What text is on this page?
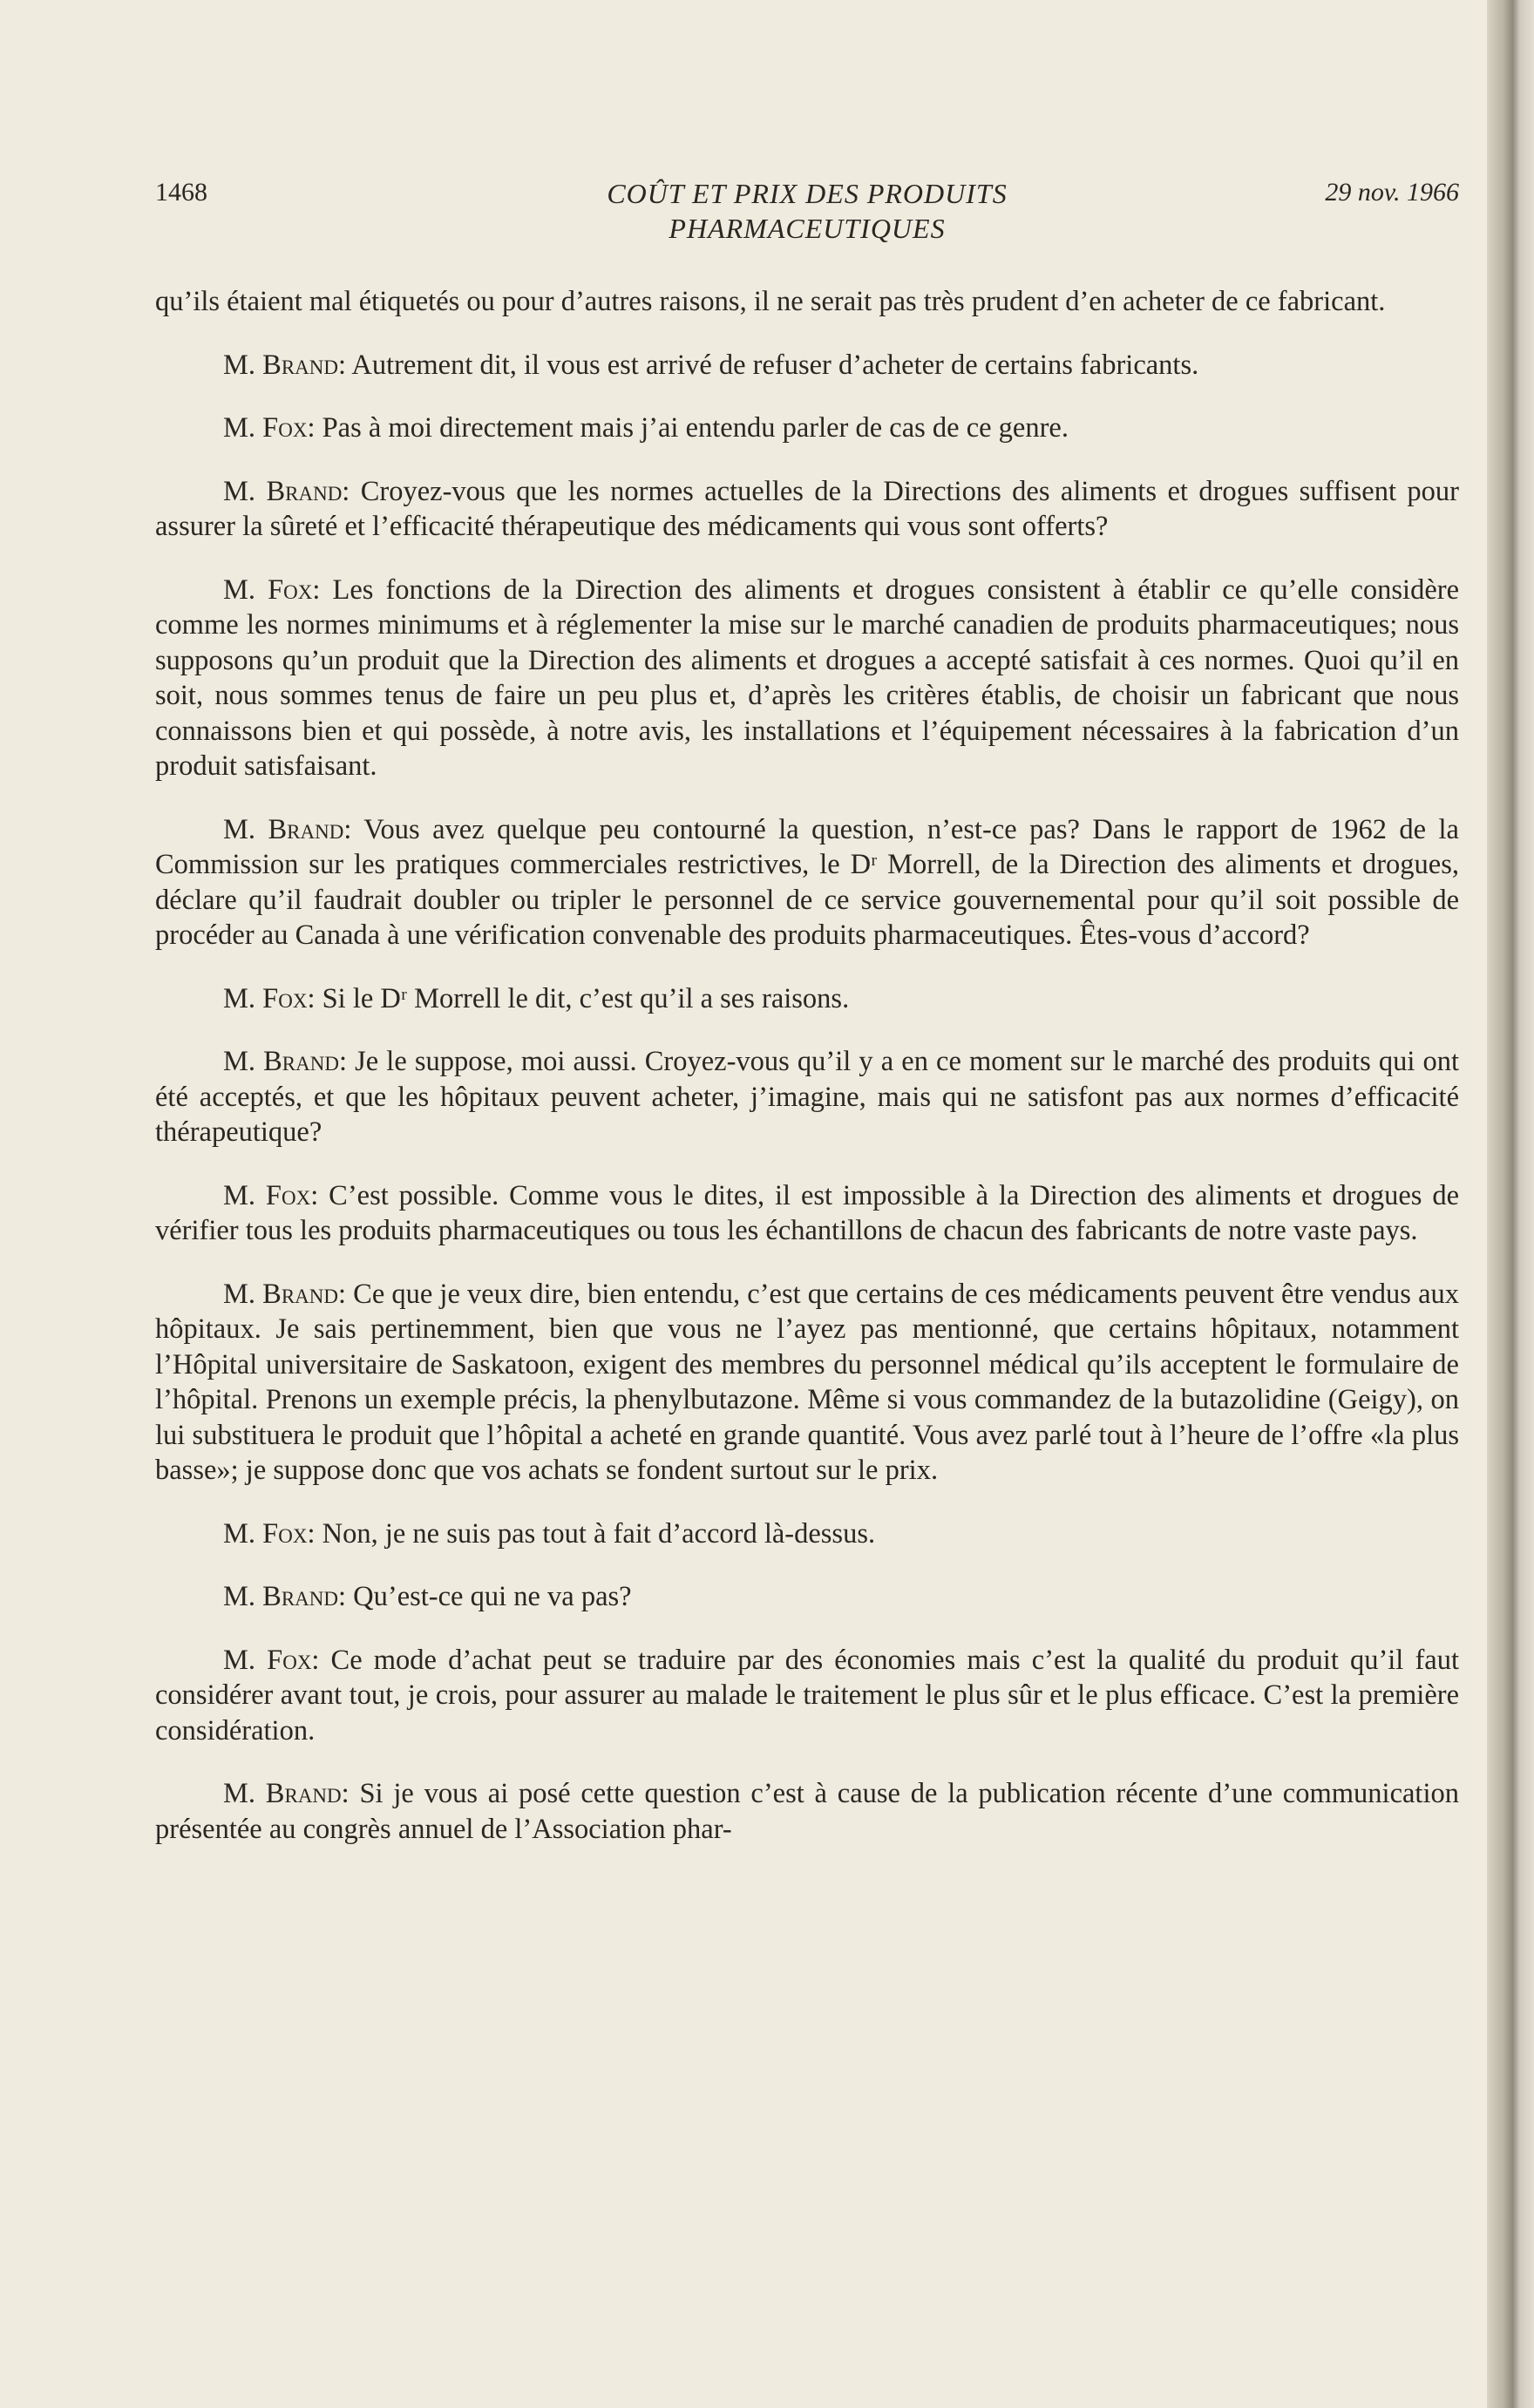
1468	COÛT ET PRIX DES PRODUITS
PHARMACEUTIQUES
29 nov. 1966

qu’ils étaient mal étiquetés ou pour d’autres raisons, il ne serait pas très prudent d’en acheter de ce fabricant.

M. Brand: Autrement dit, il vous est arrivé de refuser d’acheter de certains fabricants.

M. Fox: Pas à moi directement mais j’ai entendu parler de cas de ce genre.

M. Brand: Croyez-vous que les normes actuelles de la Directions des aliments et drogues suffisent pour assurer la sûreté et l’efficacité thérapeutique des médicaments qui vous sont offerts?

M. Fox: Les fonctions de la Direction des aliments et drogues consistent à établir ce qu’elle considère comme les normes minimums et à réglementer la mise sur le marché canadien de produits pharmaceutiques; nous supposons qu’un produit que la Direction des aliments et drogues a accepté satisfait à ces normes. Quoi qu’il en soit, nous sommes tenus de faire un peu plus et, d’après les critères établis, de choisir un fabricant que nous connaissons bien et qui possède, à notre avis, les installations et l’équipement nécessaires à la fabrication d’un produit satisfaisant.

M. Brand: Vous avez quelque peu contourné la question, n’est-ce pas? Dans le rapport de 1962 de la Commission sur les pratiques commerciales restrictives, le Dʳ Morrell, de la Direction des aliments et drogues, déclare qu’il faudrait doubler ou tripler le personnel de ce service gouvernemental pour qu’il soit possible de procéder au Canada à une vérification convenable des produits pharmaceutiques. Êtes-vous d’accord?

M. Fox: Si le Dʳ Morrell le dit, c’est qu’il a ses raisons.

M. Brand: Je le suppose, moi aussi. Croyez-vous qu’il y a en ce moment sur le marché des produits qui ont été acceptés, et que les hôpitaux peuvent acheter, j’imagine, mais qui ne satisfont pas aux normes d’efficacité thérapeutique?

M. Fox: C’est possible. Comme vous le dites, il est impossible à la Direction des aliments et drogues de vérifier tous les produits pharmaceutiques ou tous les échantillons de chacun des fabricants de notre vaste pays.

M. Brand: Ce que je veux dire, bien entendu, c’est que certains de ces médicaments peuvent être vendus aux hôpitaux. Je sais pertinemment, bien que vous ne l’ayez pas mentionné, que certains hôpitaux, notamment l’Hôpital universitaire de Saskatoon, exigent des membres du personnel médical qu’ils acceptent le formulaire de l’hôpital. Prenons un exemple précis, la phenylbutazone. Même si vous commandez de la butazolidine (Geigy), on lui substituera le produit que l’hôpital a acheté en grande quantité. Vous avez parlé tout à l’heure de l’offre «la plus basse»; je suppose donc que vos achats se fondent surtout sur le prix.

M. Fox: Non, je ne suis pas tout à fait d’accord là-dessus.

M. Brand: Qu’est-ce qui ne va pas?

M. Fox: Ce mode d’achat peut se traduire par des économies mais c’est la qualité du produit qu’il faut considérer avant tout, je crois, pour assurer au malade le traitement le plus sûr et le plus efficace. C’est la première considération.

M. Brand: Si je vous ai posé cette question c’est à cause de la publication récente d’une communication présentée au congrès annuel de l’Association phar-
